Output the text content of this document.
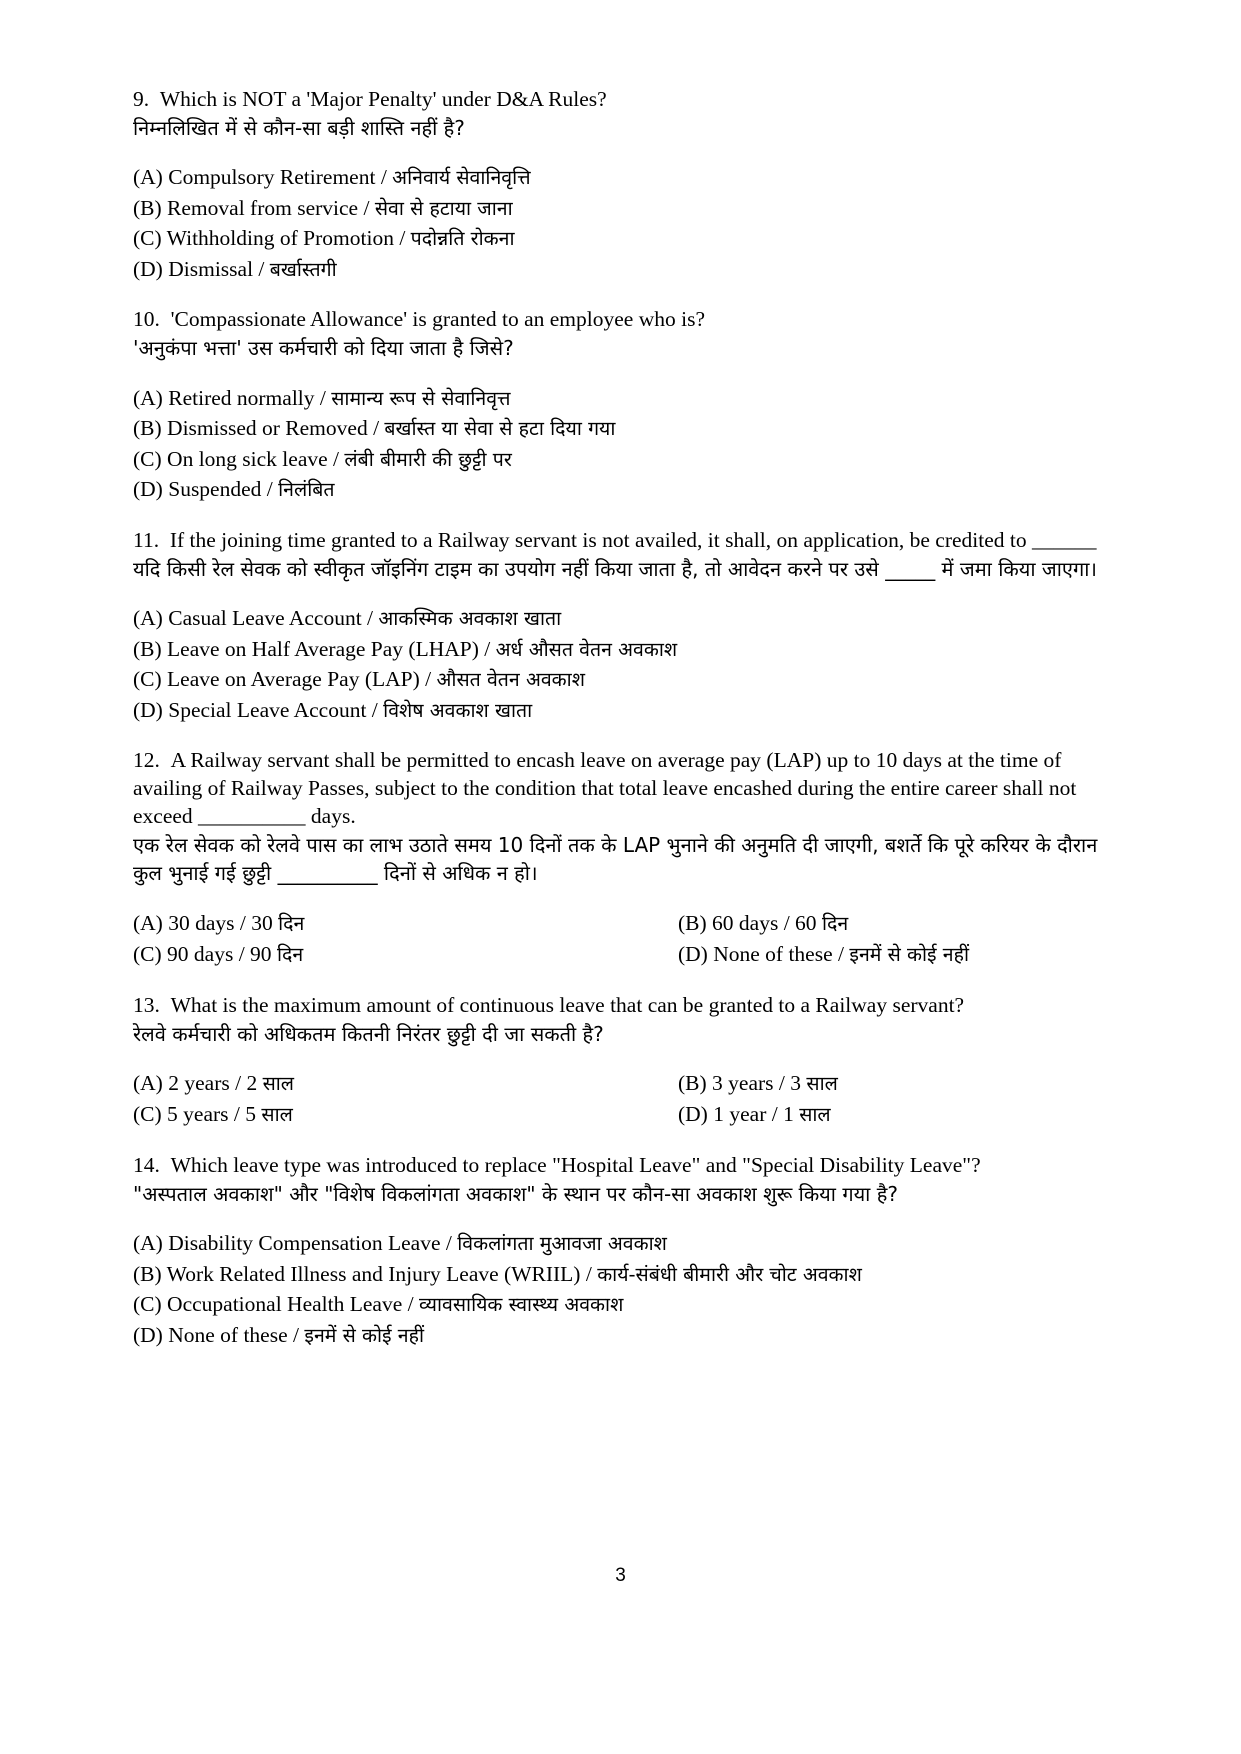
9. Which is NOT a 'Major Penalty' under D&A Rules?

निम्नलिखित में से कौन-सा बड़ी शास्ति नहीं है?

(A) Compulsory Retirement / अनिवार्य सेवानिवृत्ति
(B) Removal from service / सेवा से हटाया जाना
(C) Withholding of Promotion / पदोन्नति रोकना
(D) Dismissal / बर्खास्तगी

10. 'Compassionate Allowance' is granted to an employee who is?

'अनुकंपा भत्ता' उस कर्मचारी को दिया जाता है जिसे?

(A) Retired normally / सामान्य रूप से सेवानिवृत्त
(B) Dismissed or Removed / बर्खास्त या सेवा से हटा दिया गया
(C) On long sick leave / लंबी बीमारी की छुट्टी पर
(D) Suspended / निलंबित

11. If the joining time granted to a Railway servant is not availed, it shall, on application, be credited to ______

यदि किसी रेल सेवक को स्वीकृत जॉइनिंग टाइम का उपयोग नहीं किया जाता है, तो आवेदन करने पर उसे _____ में जमा किया जाएगा।

(A) Casual Leave Account / आकस्मिक अवकाश खाता
(B) Leave on Half Average Pay (LHAP) / अर्ध औसत वेतन अवकाश
(C) Leave on Average Pay (LAP) / औसत वेतन अवकाश
(D) Special Leave Account / विशेष अवकाश खाता

12. A Railway servant shall be permitted to encash leave on average pay (LAP) up to 10 days at the time of availing of Railway Passes, subject to the condition that total leave encashed during the entire career shall not exceed __________ days.

एक रेल सेवक को रेलवे पास का लाभ उठाते समय 10 दिनों तक के LAP भुनाने की अनुमति दी जाएगी, बशर्ते कि पूरे करियर के दौरान कुल भुनाई गई छुट्टी __________ दिनों से अधिक न हो।

(A) 30 days / 30 दिन	(B) 60 days / 60 दिन
(C) 90 days / 90 दिन	(D) None of these / इनमें से कोई नहीं

13. What is the maximum amount of continuous leave that can be granted to a Railway servant?

रेलवे कर्मचारी को अधिकतम कितनी निरंतर छुट्टी दी जा सकती है?

(A) 2 years / 2 साल	(B) 3 years / 3 साल
(C) 5 years / 5 साल	(D) 1 year / 1 साल

14. Which leave type was introduced to replace "Hospital Leave" and "Special Disability Leave"?

"अस्पताल अवकाश" और "विशेष विकलांगता अवकाश" के स्थान पर कौन-सा अवकाश शुरू किया गया है?

(A) Disability Compensation Leave / विकलांगता मुआवजा अवकाश
(B) Work Related Illness and Injury Leave (WRIIL) / कार्य-संबंधी बीमारी और चोट अवकाश
(C) Occupational Health Leave / व्यावसायिक स्वास्थ्य अवकाश
(D) None of these / इनमें से कोई नहीं
3
